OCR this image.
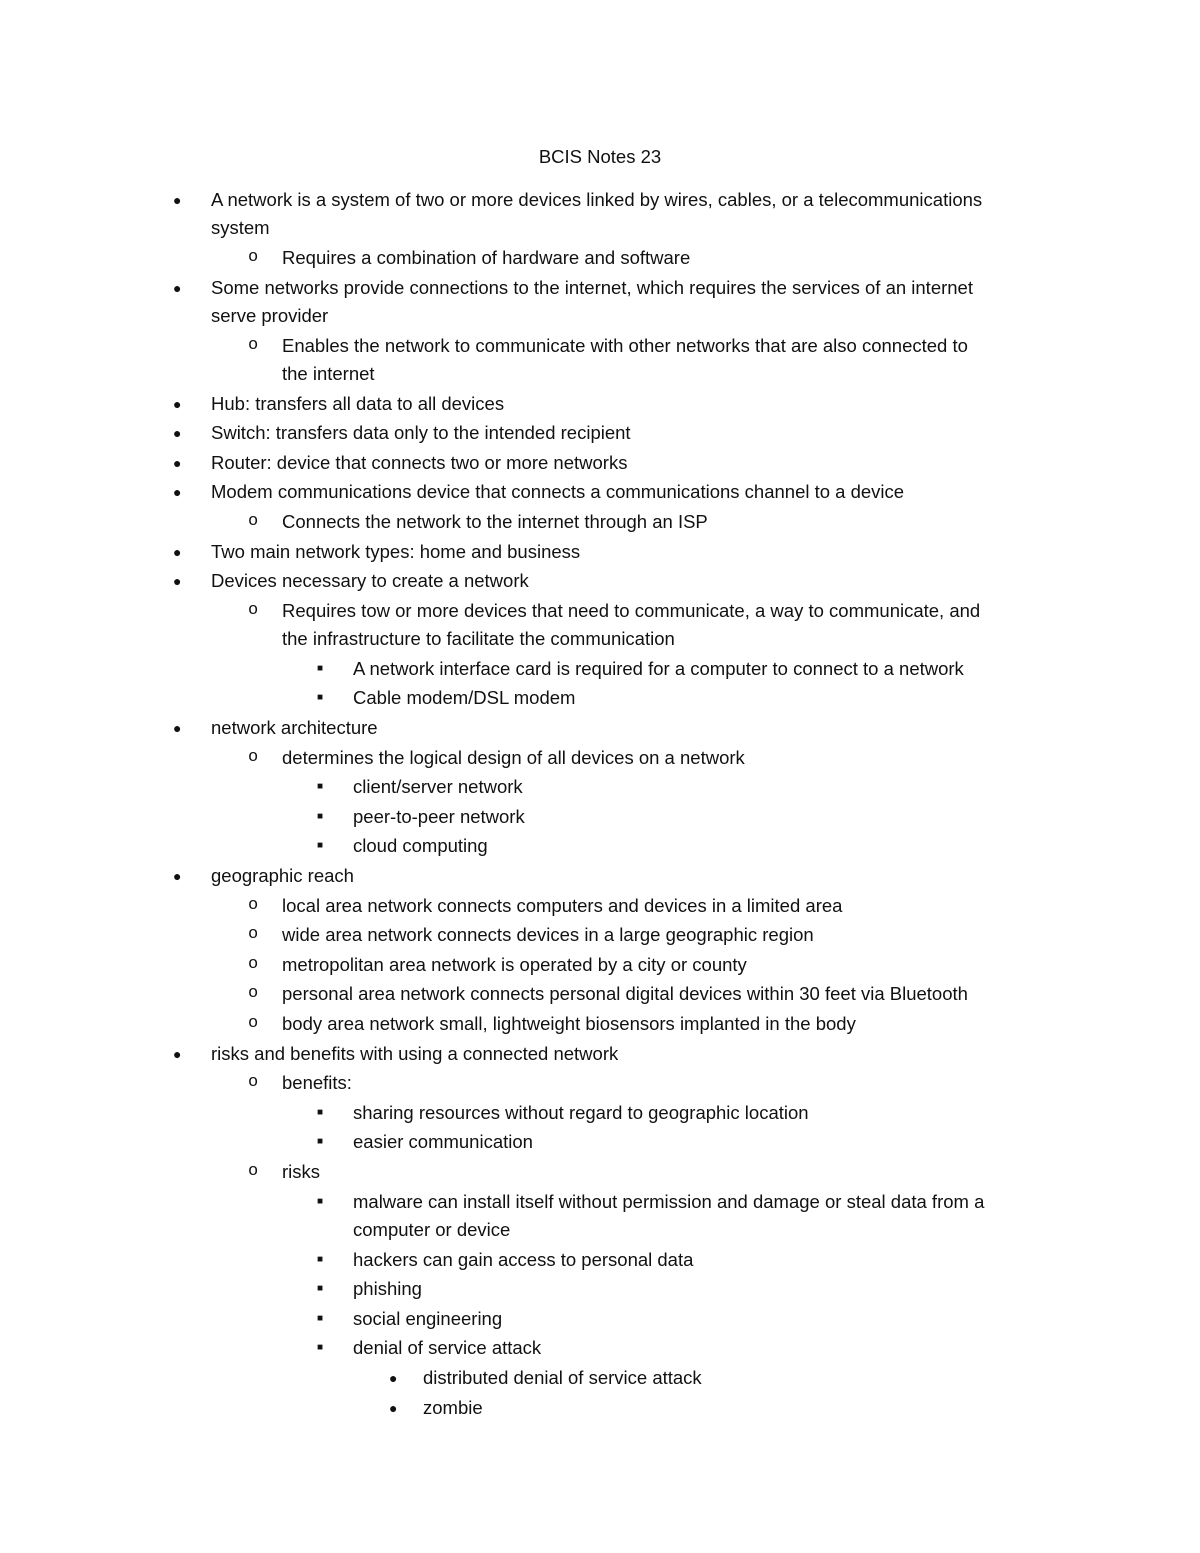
BCIS Notes 23
● A network is a system of two or more devices linked by wires, cables, or a telecommunications
system
o Requires a combination of hardware and software
● Some networks provide connections to the internet, which requires the services of an internet
serve provider
o Enables the network to communicate with other networks that are also connected to
the internet
● Hub: transfers all data to all devices
● Switch: transfers data only to the intended recipient
● Router: device that connects two or more networks
● Modem communications device that connects a communications channel to a device
o Connects the network to the internet through an ISP
● Two main network types: home and business
● Devices necessary to create a network
o Requires tow or more devices that need to communicate, a way to communicate, and
the infrastructure to facilitate the communication
■ A network interface card is required for a computer to connect to a network
■ Cable modem/DSL modem
● network architecture
o determines the logical design of all devices on a network
■ client/server network
■ peer-to-peer network
■ cloud computing
● geographic reach
o local area network connects computers and devices in a limited area
o wide area network connects devices in a large geographic region
o metropolitan area network is operated by a city or county
o personal area network connects personal digital devices within 30 feet via Bluetooth
o body area network small, lightweight biosensors implanted in the body
● risks and benefits with using a connected network
o benefits:
■ sharing resources without regard to geographic location
■ easier communication
o risks
■ malware can install itself without permission and damage or steal data from a
computer or device
■ hackers can gain access to personal data
■ phishing
■ social engineering
■ denial of service attack
● distributed denial of service attack
● zombie
